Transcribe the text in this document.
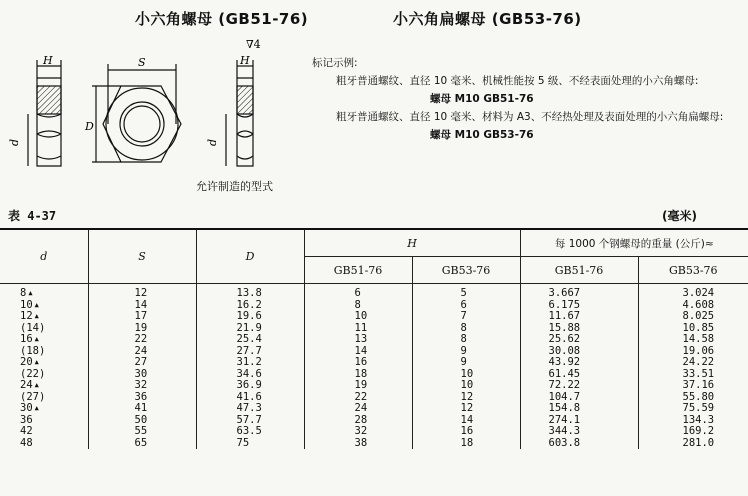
小六角螺母 (GB51-76)	小六角扁螺母 (GB53-76)
H
d
S
D
H
∇4
d
允许制造的型式

标记示例:

粗牙普通螺纹、直径 10 毫米、机械性能按 5 级、不经表面处理的小六角螺母:

螺母 M10 GB51-76

粗牙普通螺纹、直径 10 毫米、材料为 A3、不经热处理及表面处理的小六角扁螺母:

螺母 M10 GB53-76

表 4-37	(毫米)
d	S	D	H		每 1000 个钢螺母的重量 (公斤)≈	
			GB51-76	GB53-76	GB51-76	GB53-76
8 ▲	12	13.8	6	5	3.667	3.024
10 ▲	14	16.2	8	6	6.175	4.608
12 ▲	17	19.6	10	7	11.67	8.025
(14)	19	21.9	11	8	15.88	10.85
16 ▲	22	25.4	13	8	25.62	14.58
(18)	24	27.7	14	9	30.08	19.06
20 ▲	27	31.2	16	9	43.92	24.22
(22)	30	34.6	18	10	61.45	33.51
24 ▲	32	36.9	19	10	72.22	37.16
(27)	36	41.6	22	12	104.7	55.80
30 ▲	41	47.3	24	12	154.8	75.59
36	50	57.7	28	14	274.1	134.3
42	55	63.5	32	16	344.3	169.2
48	65	75	38	18	603.8	281.0
